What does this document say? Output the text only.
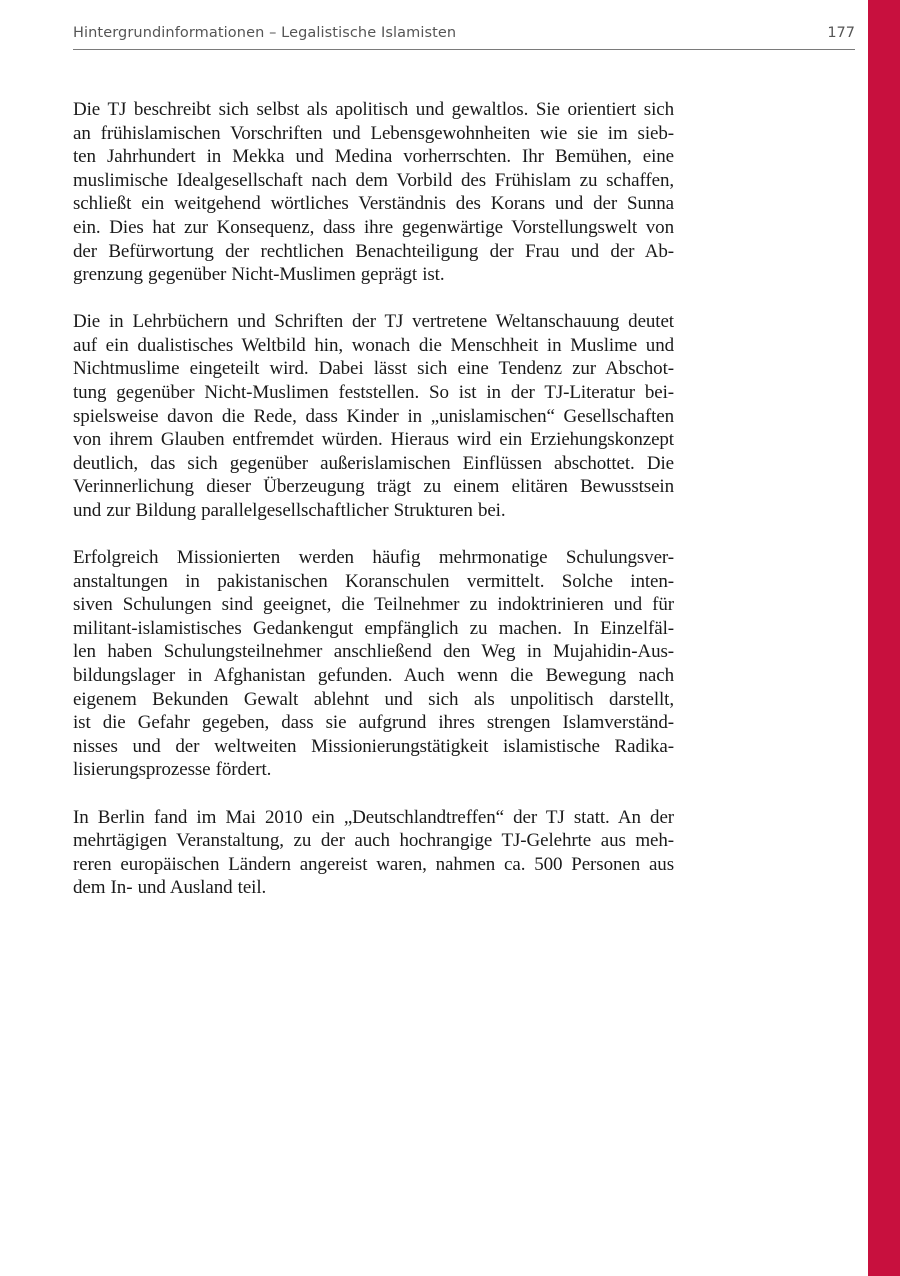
Hintergrundinformationen – Legalistische Islamisten	177

Die TJ beschreibt sich selbst als apolitisch und gewaltlos. Sie orientiert sich
an frühislamischen Vorschriften und Lebensgewohnheiten wie sie im sieb-
ten Jahrhundert in Mekka und Medina vorherrschten. Ihr Bemühen, eine
muslimische Idealgesellschaft nach dem Vorbild des Frühislam zu schaffen,
schließt ein weitgehend wörtliches Verständnis des Korans und der Sunna
ein. Dies hat zur Konsequenz, dass ihre gegenwärtige Vorstellungswelt von
der Befürwortung der rechtlichen Benachteiligung der Frau und der Ab-
grenzung gegenüber Nicht-Muslimen geprägt ist.

Die in Lehrbüchern und Schriften der TJ vertretene Weltanschauung deutet
auf ein dualistisches Weltbild hin, wonach die Menschheit in Muslime und
Nichtmuslime eingeteilt wird. Dabei lässt sich eine Tendenz zur Abschot-
tung gegenüber Nicht-Muslimen feststellen. So ist in der TJ-Literatur bei-
spielsweise davon die Rede, dass Kinder in „unislamischen“ Gesellschaften
von ihrem Glauben entfremdet würden. Hieraus wird ein Erziehungskonzept
deutlich, das sich gegenüber außerislamischen Einflüssen abschottet. Die
Verinnerlichung dieser Überzeugung trägt zu einem elitären Bewusstsein
und zur Bildung parallelgesellschaftlicher Strukturen bei.

Erfolgreich Missionierten werden häufig mehrmonatige Schulungsver-
anstaltungen in pakistanischen Koranschulen vermittelt. Solche inten-
siven Schulungen sind geeignet, die Teilnehmer zu indoktrinieren und für
militant-islamistisches Gedankengut empfänglich zu machen. In Einzelfäl-
len haben Schulungsteilnehmer anschließend den Weg in Mujahidin-Aus-
bildungslager in Afghanistan gefunden. Auch wenn die Bewegung nach
eigenem Bekunden Gewalt ablehnt und sich als unpolitisch darstellt,
ist die Gefahr gegeben, dass sie aufgrund ihres strengen Islamverständ-
nisses und der weltweiten Missionierungstätigkeit islamistische Radika-
lisierungsprozesse fördert.

In Berlin fand im Mai 2010 ein „Deutschlandtreffen“ der TJ statt. An der
mehrtägigen Veranstaltung, zu der auch hochrangige TJ-Gelehrte aus meh-
reren europäischen Ländern angereist waren, nahmen ca. 500 Personen aus
dem In- und Ausland teil.
